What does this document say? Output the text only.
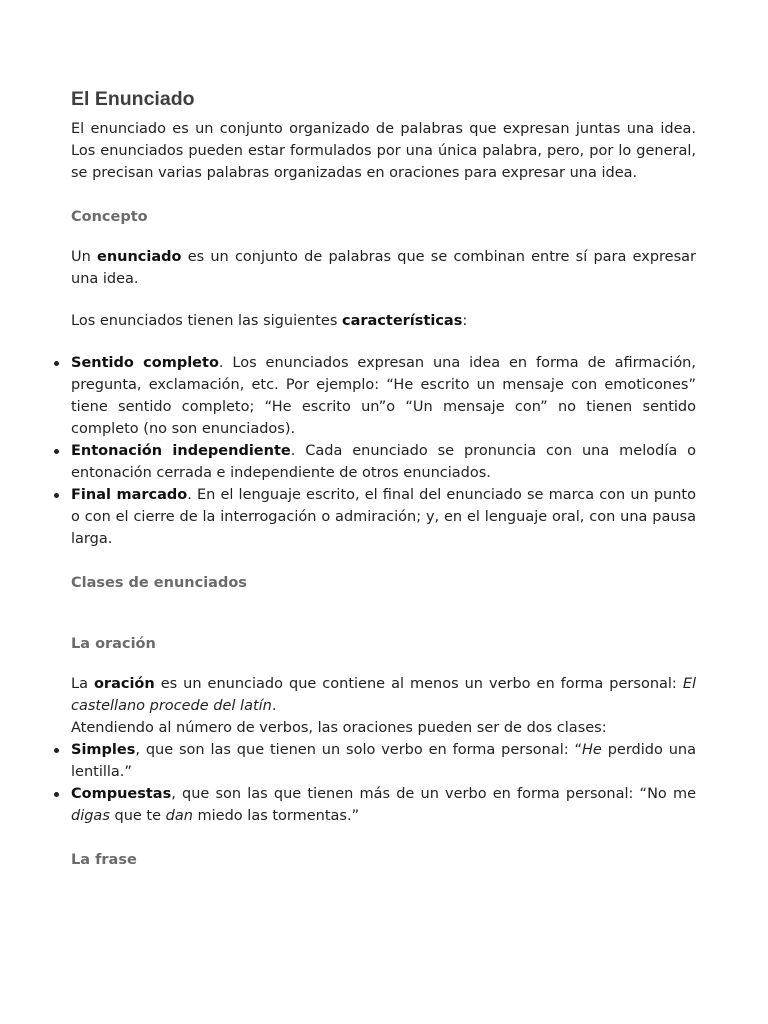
El Enunciado

El enunciado es un conjunto organizado de palabras que expresan juntas una idea. Los enunciados pueden estar formulados por una única palabra, pero, por lo general, se precisan varias palabras organizadas en oraciones para expresar una idea.

Concepto

Un enunciado es un conjunto de palabras que se combinan entre sí para expresar una idea.

Los enunciados tienen las siguientes características:

Sentido completo. Los enunciados expresan una idea en forma de afirmación, pregunta, exclamación, etc. Por ejemplo: “He escrito un mensaje con emoticones” tiene sentido completo; “He escrito un”o “Un mensaje con” no tienen sentido completo (no son enunciados).
Entonación independiente. Cada enunciado se pronuncia con una melodía o entonación cerrada e independiente de otros enunciados.
Final marcado. En el lenguaje escrito, el final del enunciado se marca con un punto o con el cierre de la interrogación o admiración; y, en el lenguaje oral, con una pausa larga.
Clases de enunciados
La oración

La oración es un enunciado que contiene al menos un verbo en forma personal: El castellano procede del latín.

Atendiendo al número de verbos, las oraciones pueden ser de dos clases:

Simples, que son las que tienen un solo verbo en forma personal: “He perdido una lentilla.”
Compuestas, que son las que tienen más de un verbo en forma personal: “No me digas que te dan miedo las tormentas.”
La frase
